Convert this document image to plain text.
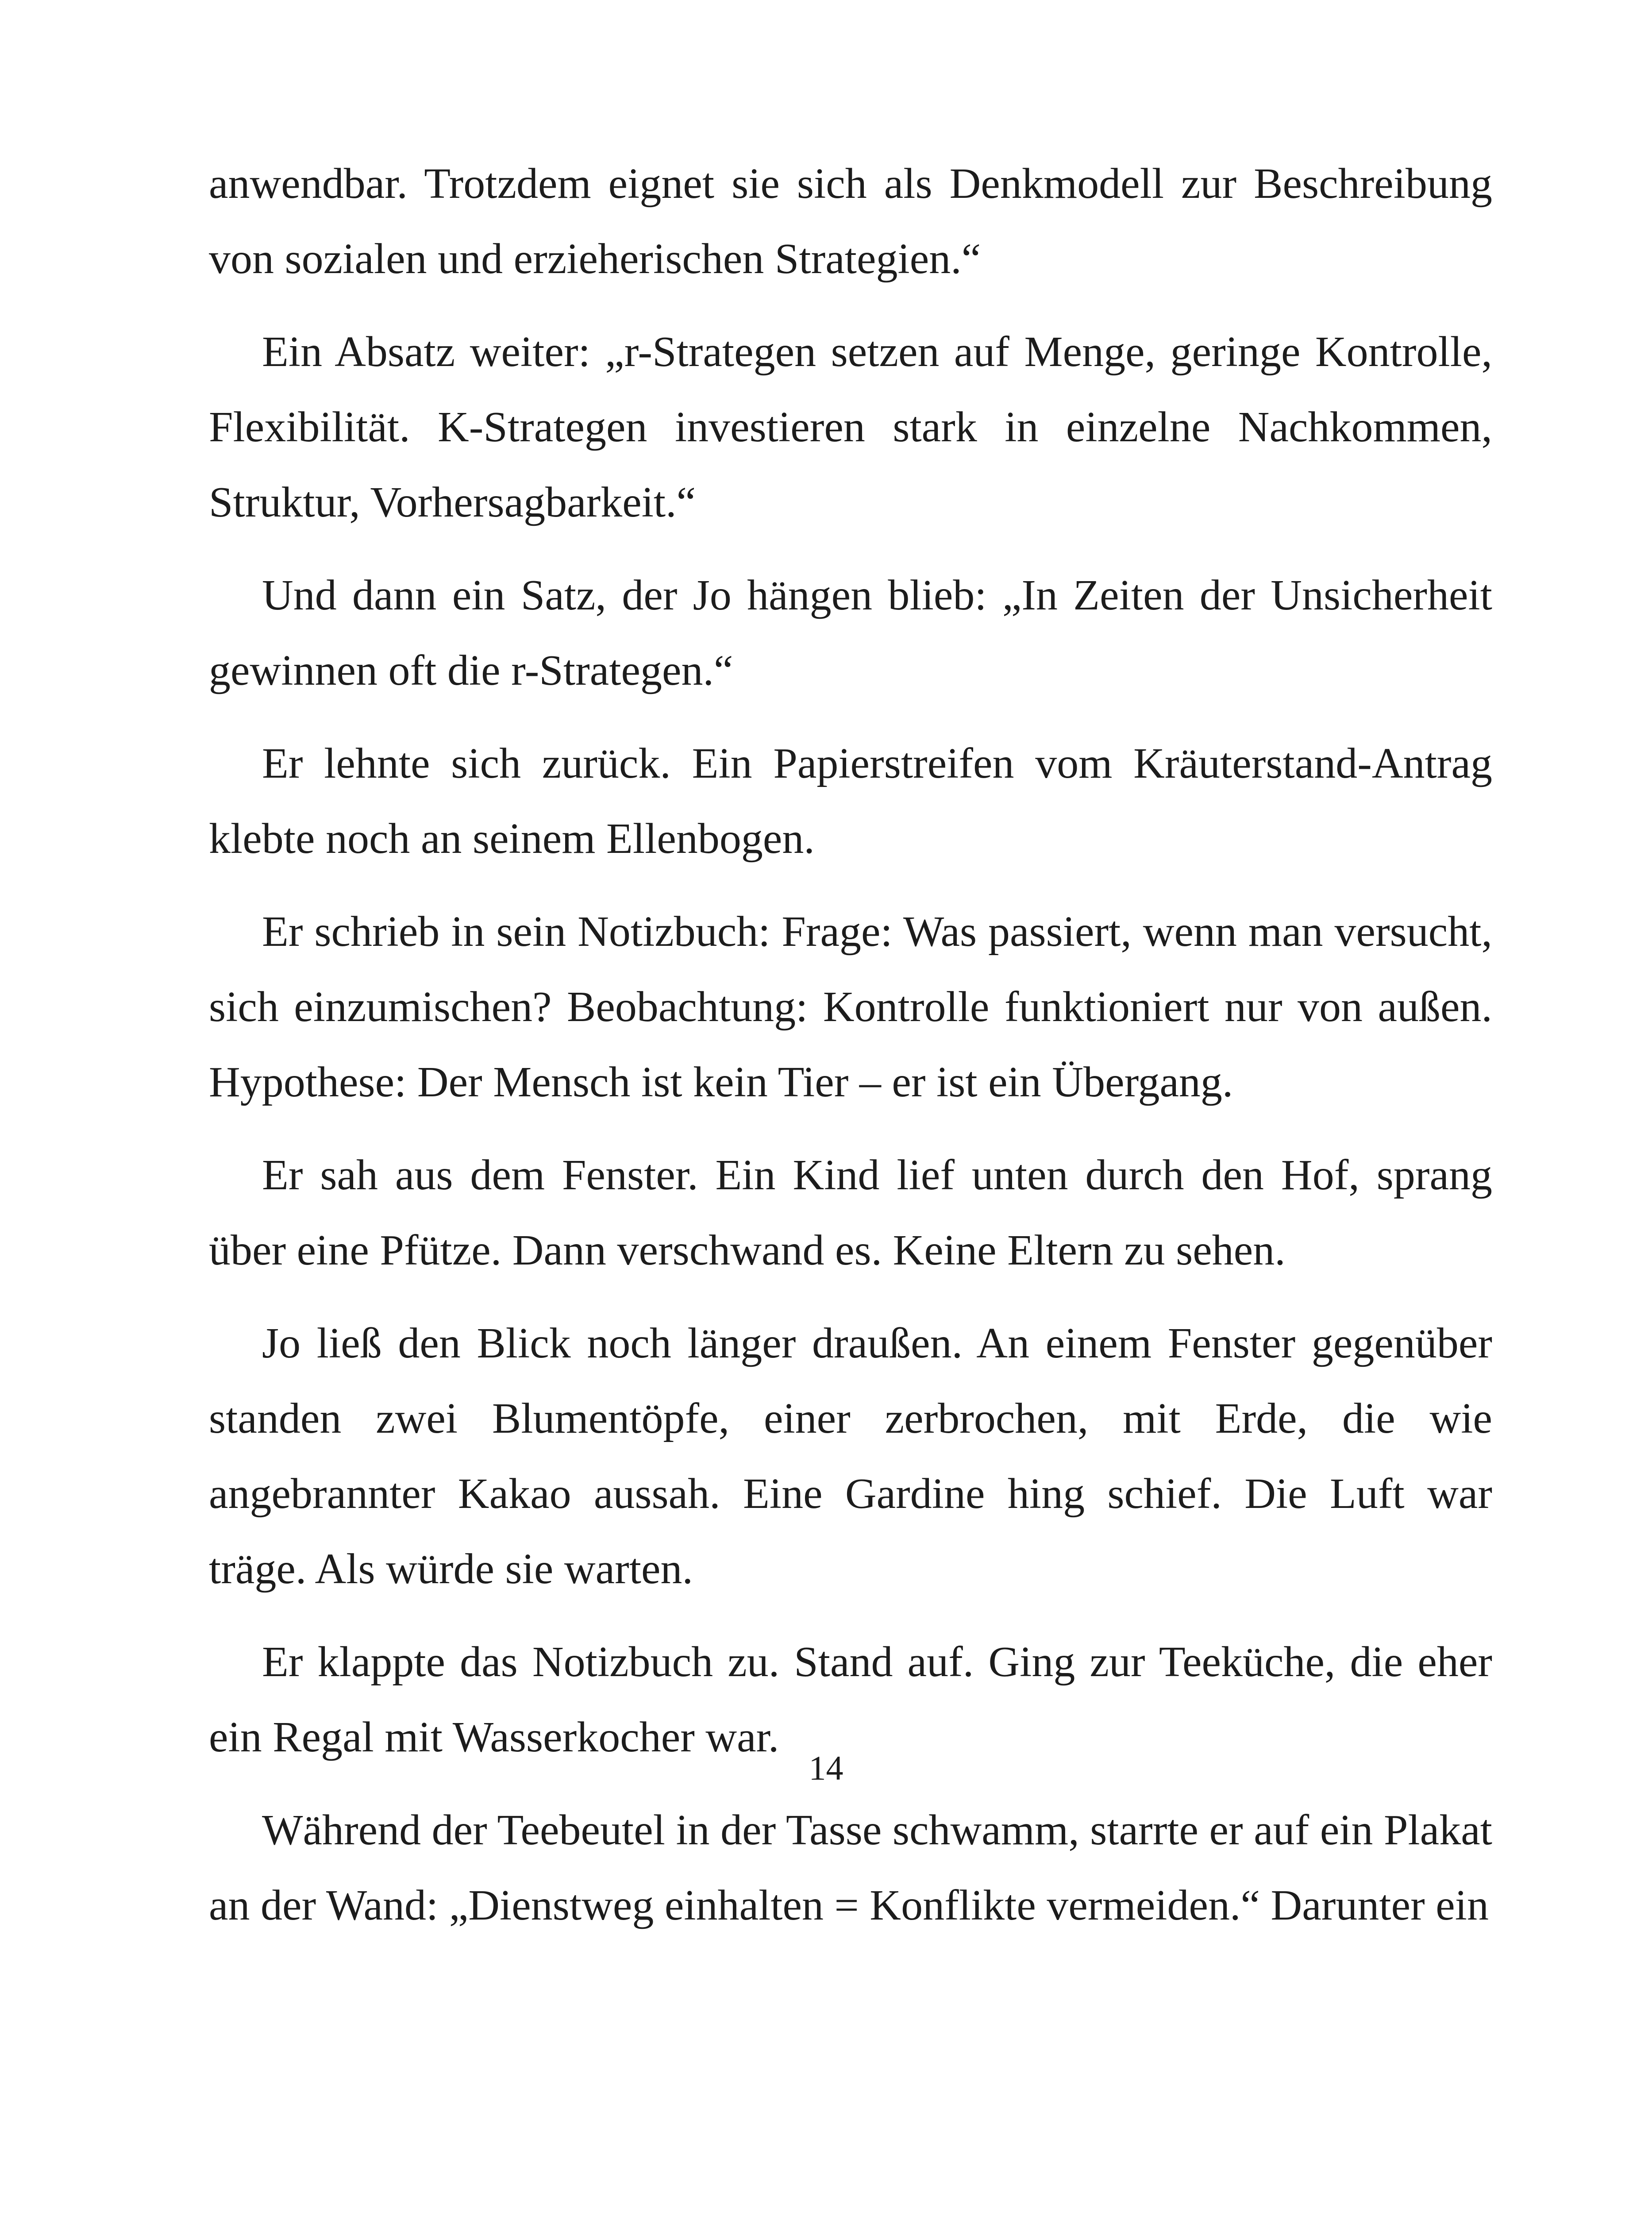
anwendbar. Trotzdem eignet sie sich als Denkmodell zur Beschreibung von sozialen und erzieherischen Strategien.“

Ein Absatz weiter: „r-Strategen setzen auf Menge, geringe Kontrolle, Flexibilität. K-Strategen investieren stark in einzelne Nachkommen, Struktur, Vorhersagbarkeit.“

Und dann ein Satz, der Jo hängen blieb: „In Zeiten der Unsicherheit gewinnen oft die r-Strategen.“

Er lehnte sich zurück. Ein Papierstreifen vom Kräuterstand-Antrag klebte noch an seinem Ellenbogen.

Er schrieb in sein Notizbuch: Frage: Was passiert, wenn man versucht, sich einzumischen? Beobachtung: Kontrolle funktioniert nur von außen. Hypothese: Der Mensch ist kein Tier – er ist ein Übergang.

Er sah aus dem Fenster. Ein Kind lief unten durch den Hof, sprang über eine Pfütze. Dann verschwand es. Keine Eltern zu sehen.

Jo ließ den Blick noch länger draußen. An einem Fenster gegenüber standen zwei Blumentöpfe, einer zerbrochen, mit Erde, die wie angebrannter Kakao aussah. Eine Gardine hing schief. Die Luft war träge. Als würde sie warten.

Er klappte das Notizbuch zu. Stand auf. Ging zur Teeküche, die eher ein Regal mit Wasserkocher war.

Während der Teebeutel in der Tasse schwamm, starrte er auf ein Plakat an der Wand: „Dienstweg einhalten = Konflikte vermeiden.“ Darunter ein

14
